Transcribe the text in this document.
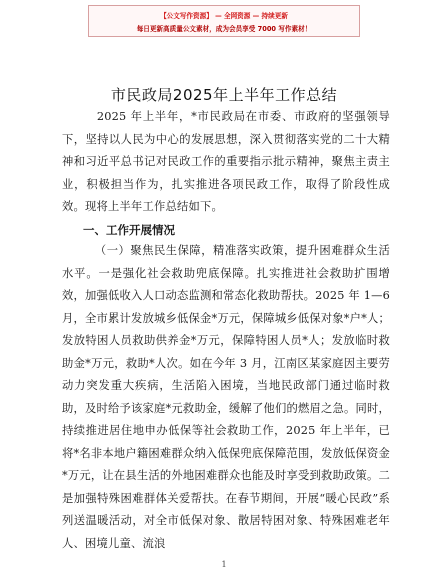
【公文写作资源】 — 全网资源 — 持续更新
每日更新高质量公文素材，成为会员享受 7000 写作素材！
市民政局2025年上半年工作总结
2025 年上半年，*市民政局在市委、市政府的坚强领导下，坚持以人民为中心的发展思想，深入贯彻落实党的二十大精神和习近平总书记对民政工作的重要指示批示精神，聚焦主责主业，积极担当作为，扎实推进各项民政工作，取得了阶段性成效。现将上半年工作总结如下。
一、工作开展情况
（一）聚焦民生保障，精准落实政策，提升困难群众生活水平。一是强化社会救助兜底保障。扎实推进社会救助扩围增效，加强低收入人口动态监测和常态化救助帮扶。2025 年 1—6 月，全市累计发放城乡低保金*万元，保障城乡低保对象*户*人；发放特困人员救助供养金*万元，保障特困人员*人；发放临时救助金*万元，救助*人次。如在今年 3 月，江南区某家庭因主要劳动力突发重大疾病，生活陷入困境，当地民政部门通过临时救助，及时给予该家庭*元救助金，缓解了他们的燃眉之急。同时，持续推进居住地申办低保等社会救助工作，2025 年上半年，已将*名非本地户籍困难群众纳入低保兜底保障范围，发放低保资金*万元，让在县生活的外地困难群众也能及时享受到救助政策。二是加强特殊困难群体关爱帮扶。在春节期间，开展“暖心民政”系列送温暖活动，对全市低保对象、散居特困对象、特殊困难老年人、困境儿童、流浪
1
